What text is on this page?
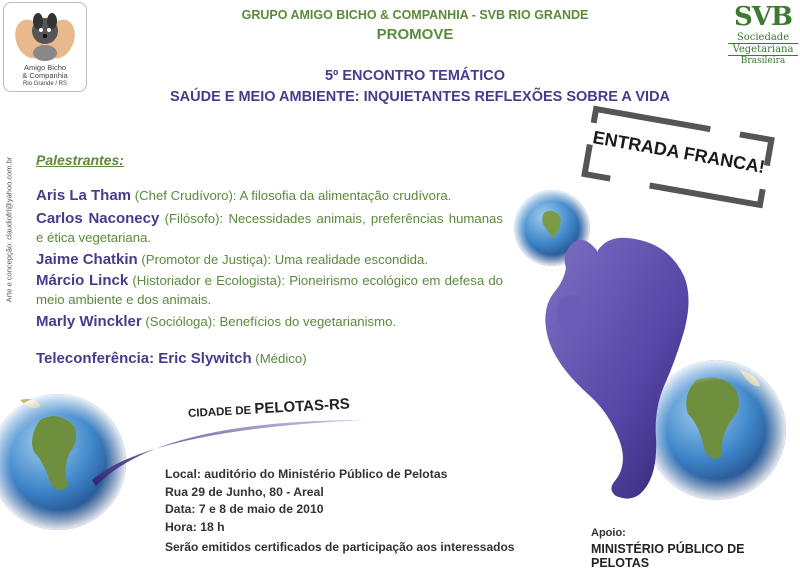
Amigo Bicho
& Companhia
Rio Grande / RS
SVB
Sociedade
Vegetariana
Brasileira
GRUPO AMIGO BICHO & COMPANHIA - SVB RIO GRANDE
PROMOVE
5º ENCONTRO TEMÁTICO
SAÚDE E MEIO AMBIENTE: INQUIETANTES REFLEXÕES SOBRE A VIDA
Arte e concepção: claudiofrl@yahoo.com.br
ENTRADA FRANCA!
Palestrantes:
Aris La Tham (Chef Crudívoro): A filosofia da alimentação crudívora.
Carlos Naconecy (Filósofo): Necessidades animais, preferências humanas e ética vegetariana.
Jaime Chatkin (Promotor de Justiça): Uma realidade escondida.
Márcio Linck (Historiador e Ecologista): Pioneirismo ecológico em defesa do meio ambiente e dos animais.
Marly Winckler (Socióloga): Benefícios do vegetarianismo.
Teleconferência: Eric Slywitch (Médico)
CIDADE DE PELOTAS-RS
Local: auditório do Ministério Público de Pelotas
Rua 29 de Junho, 80 - Areal
Data: 7 e 8 de maio de 2010
Hora: 18 h
Serão emitidos certificados de participação aos interessados
Apoio:
MINISTÉRIO PÚBLICO DE PELOTAS
